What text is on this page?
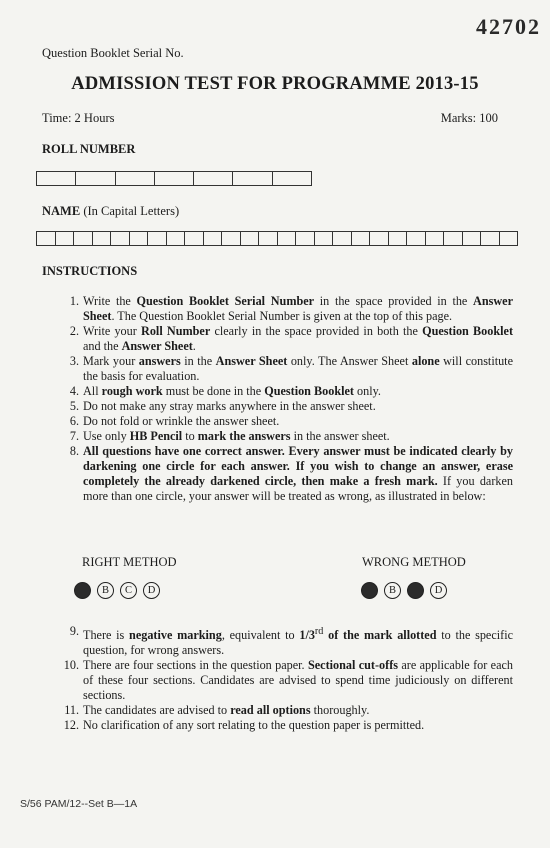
42702
Question Booklet Serial No.
ADMISSION TEST FOR PROGRAMME 2013-15
Time: 2 Hours	Marks: 100
ROLL NUMBER
NAME (In Capital Letters)
INSTRUCTIONS
1. Write the Question Booklet Serial Number in the space provided in the Answer Sheet. The Question Booklet Serial Number is given at the top of this page.
2. Write your Roll Number clearly in the space provided in both the Question Booklet and the Answer Sheet.
3. Mark your answers in the Answer Sheet only. The Answer Sheet alone will constitute the basis for evaluation.
4. All rough work must be done in the Question Booklet only.
5. Do not make any stray marks anywhere in the answer sheet.
6. Do not fold or wrinkle the answer sheet.
7. Use only HB Pencil to mark the answers in the answer sheet.
8. All questions have one correct answer. Every answer must be indicated clearly by darkening one circle for each answer. If you wish to change an answer, erase completely the already darkened circle, then make a fresh mark. If you darken more than one circle, your answer will be treated as wrong, as illustrated in below:
RIGHT METHOD	WRONG METHOD
B	C	D	B	D
9. There is negative marking, equivalent to 1/3rd of the mark allotted to the specific question, for wrong answers.
10. There are four sections in the question paper. Sectional cut-offs are applicable for each of these four sections. Candidates are advised to spend time judiciously on different sections.
11. The candidates are advised to read all options thoroughly.
12. No clarification of any sort relating to the question paper is permitted.
S/56 PAM/12--Set B—1A
